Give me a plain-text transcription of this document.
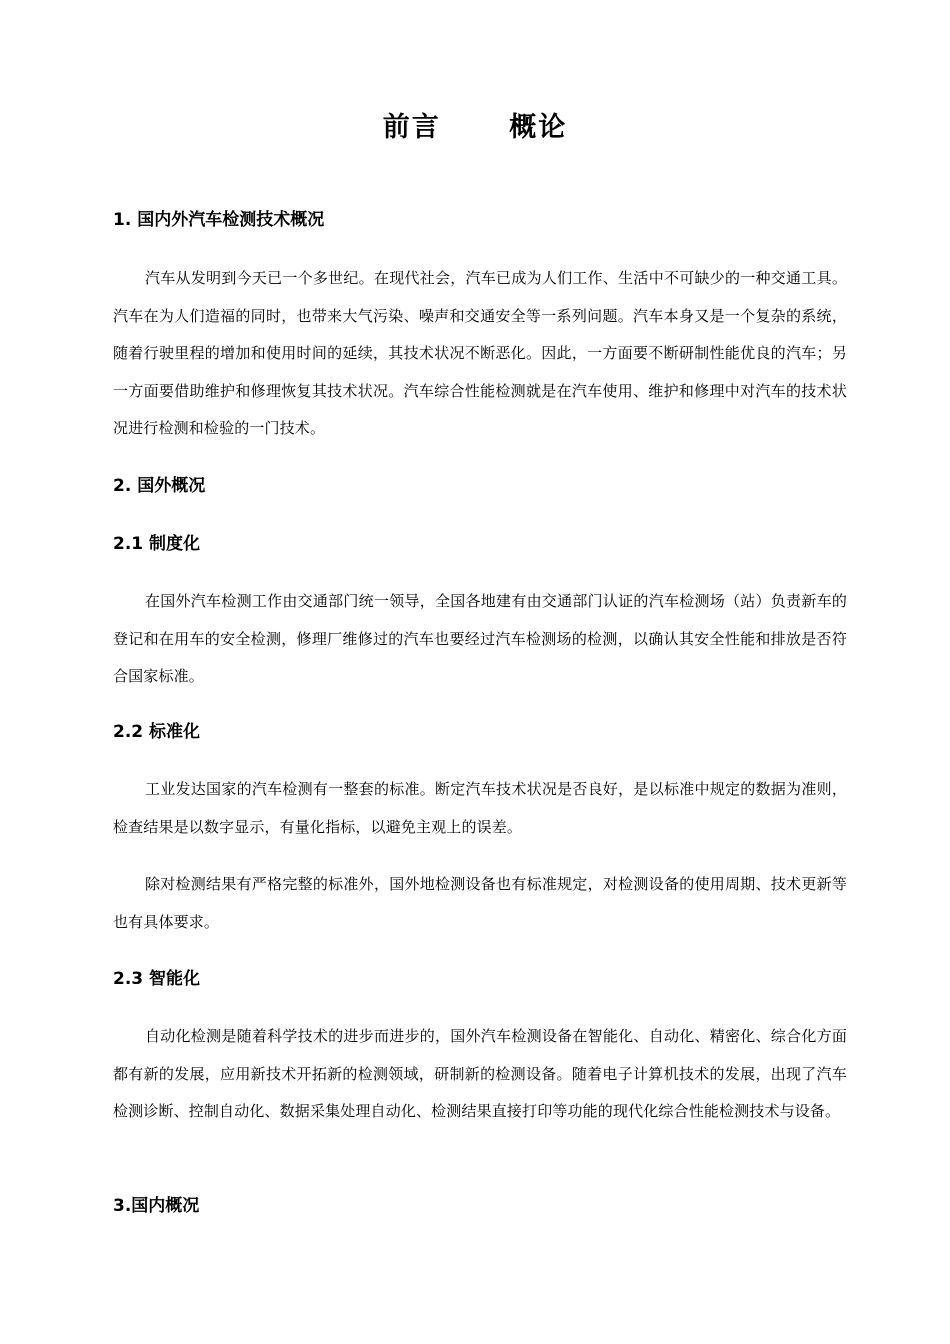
前言      概论
1. 国内外汽车检测技术概况
汽车从发明到今天已一个多世纪。在现代社会，汽车已成为人们工作、生活中不可缺少的一种交通工具。汽车在为人们造福的同时，也带来大气污染、噪声和交通安全等一系列问题。汽车本身又是一个复杂的系统，随着行驶里程的增加和使用时间的延续，其技术状况不断恶化。因此，一方面要不断研制性能优良的汽车；另一方面要借助维护和修理恢复其技术状况。汽车综合性能检测就是在汽车使用、维护和修理中对汽车的技术状况进行检测和检验的一门技术。
2. 国外概况
2.1 制度化
在国外汽车检测工作由交通部门统一领导，全国各地建有由交通部门认证的汽车检测场（站）负责新车的登记和在用车的安全检测，修理厂维修过的汽车也要经过汽车检测场的检测，以确认其安全性能和排放是否符合国家标准。
2.2 标准化
工业发达国家的汽车检测有一整套的标准。断定汽车技术状况是否良好，是以标准中规定的数据为准则，检查结果是以数字显示，有量化指标，以避免主观上的误差。
除对检测结果有严格完整的标准外，国外地检测设备也有标准规定，对检测设备的使用周期、技术更新等也有具体要求。
2.3 智能化
自动化检测是随着科学技术的进步而进步的，国外汽车检测设备在智能化、自动化、精密化、综合化方面都有新的发展，应用新技术开拓新的检测领域，研制新的检测设备。随着电子计算机技术的发展，出现了汽车检测诊断、控制自动化、数据采集处理自动化、检测结果直接打印等功能的现代化综合性能检测技术与设备。
3.国内概况
